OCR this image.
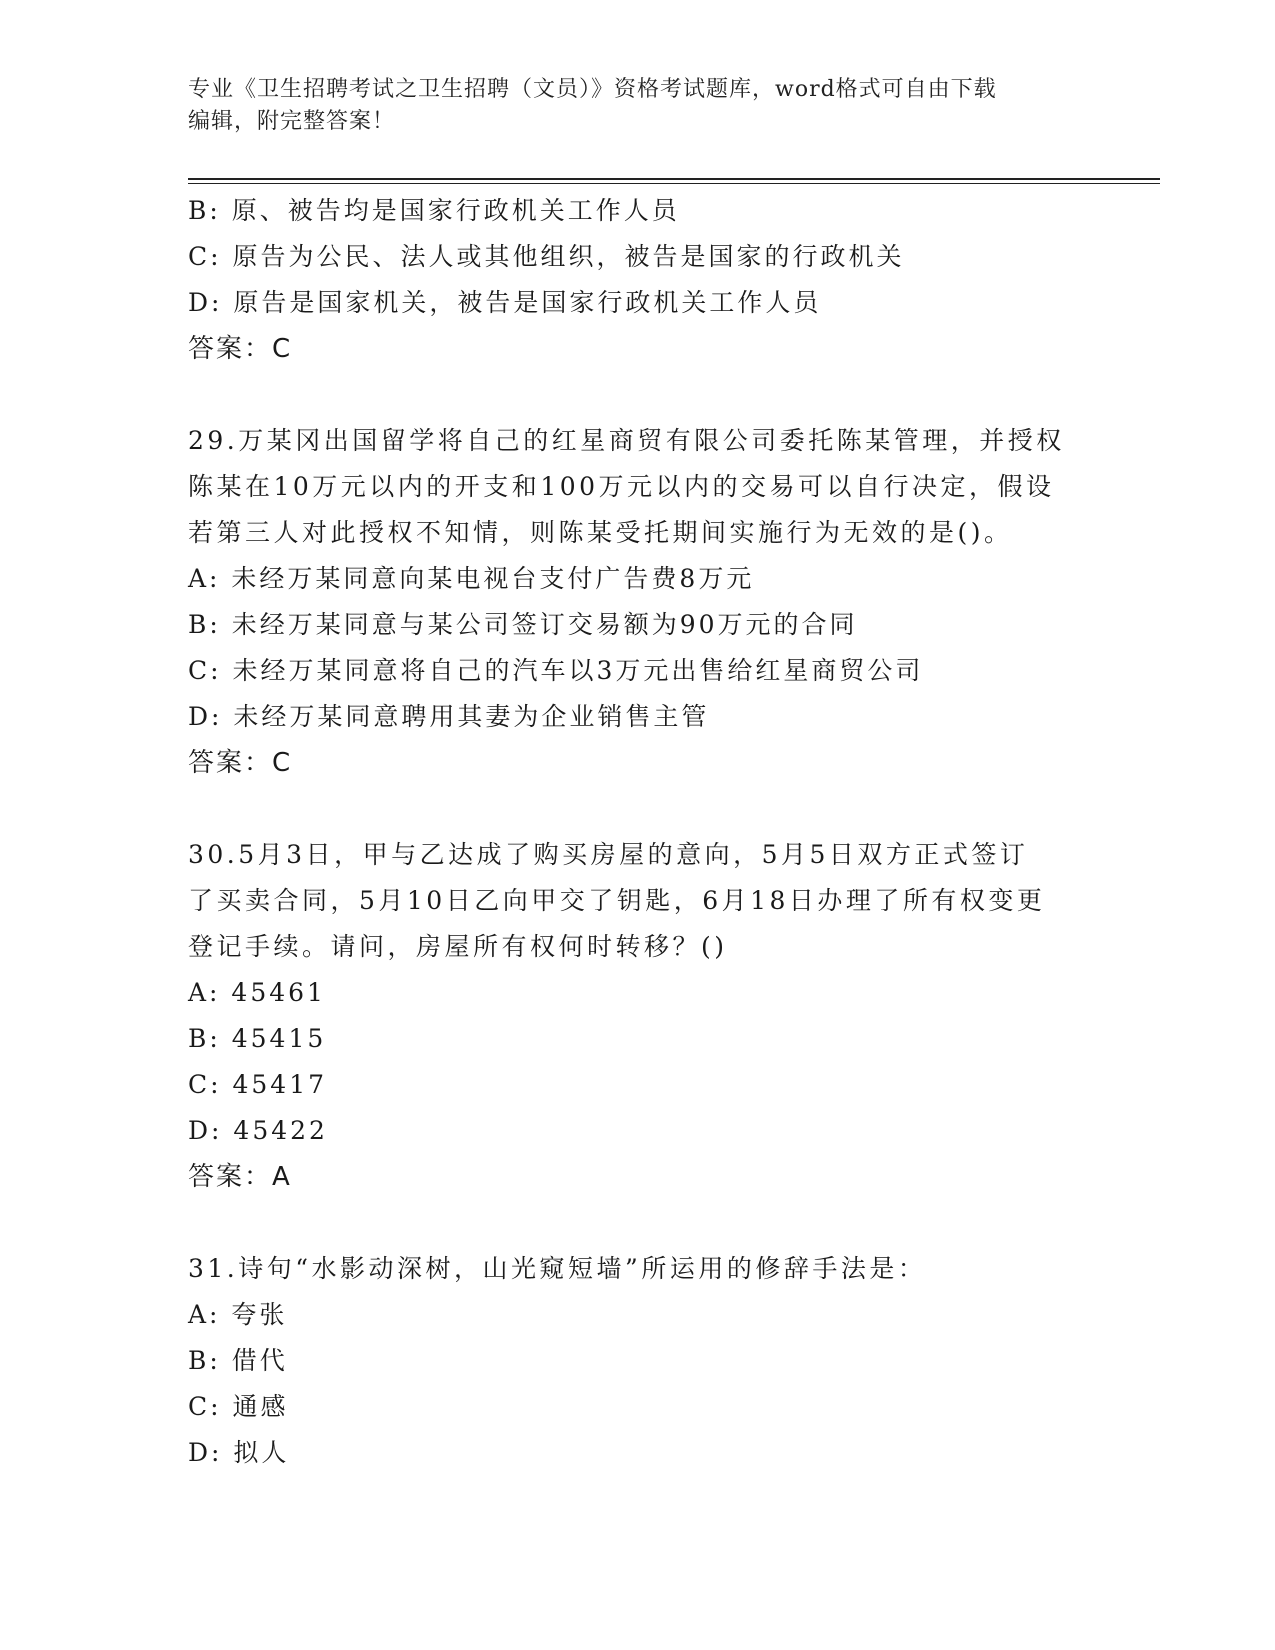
专业《卫生招聘考试之卫生招聘（文员）》资格考试题库，word格式可自由下载
编辑，附完整答案！
B: 原、被告均是国家行政机关工作人员
C: 原告为公民、法人或其他组织，被告是国家的行政机关
D: 原告是国家机关，被告是国家行政机关工作人员
答案：C
29.万某冈出国留学将自己的红星商贸有限公司委托陈某管理，并授权
陈某在10万元以内的开支和100万元以内的交易可以自行决定，假设
若第三人对此授权不知情，则陈某受托期间实施行为无效的是()。
A: 未经万某同意向某电视台支付广告费8万元
B: 未经万某同意与某公司签订交易额为90万元的合同
C: 未经万某同意将自己的汽车以3万元出售给红星商贸公司
D: 未经万某同意聘用其妻为企业销售主管
答案：C
30.5月3日，甲与乙达成了购买房屋的意向，5月5日双方正式签订
了买卖合同，5月10日乙向甲交了钥匙，6月18日办理了所有权变更
登记手续。请问，房屋所有权何时转移？()
A: 45461
B: 45415
C: 45417
D: 45422
答案：A
31.诗句“水影动深树，山光窥短墙”所运用的修辞手法是：
A: 夸张
B: 借代
C: 通感
D: 拟人
